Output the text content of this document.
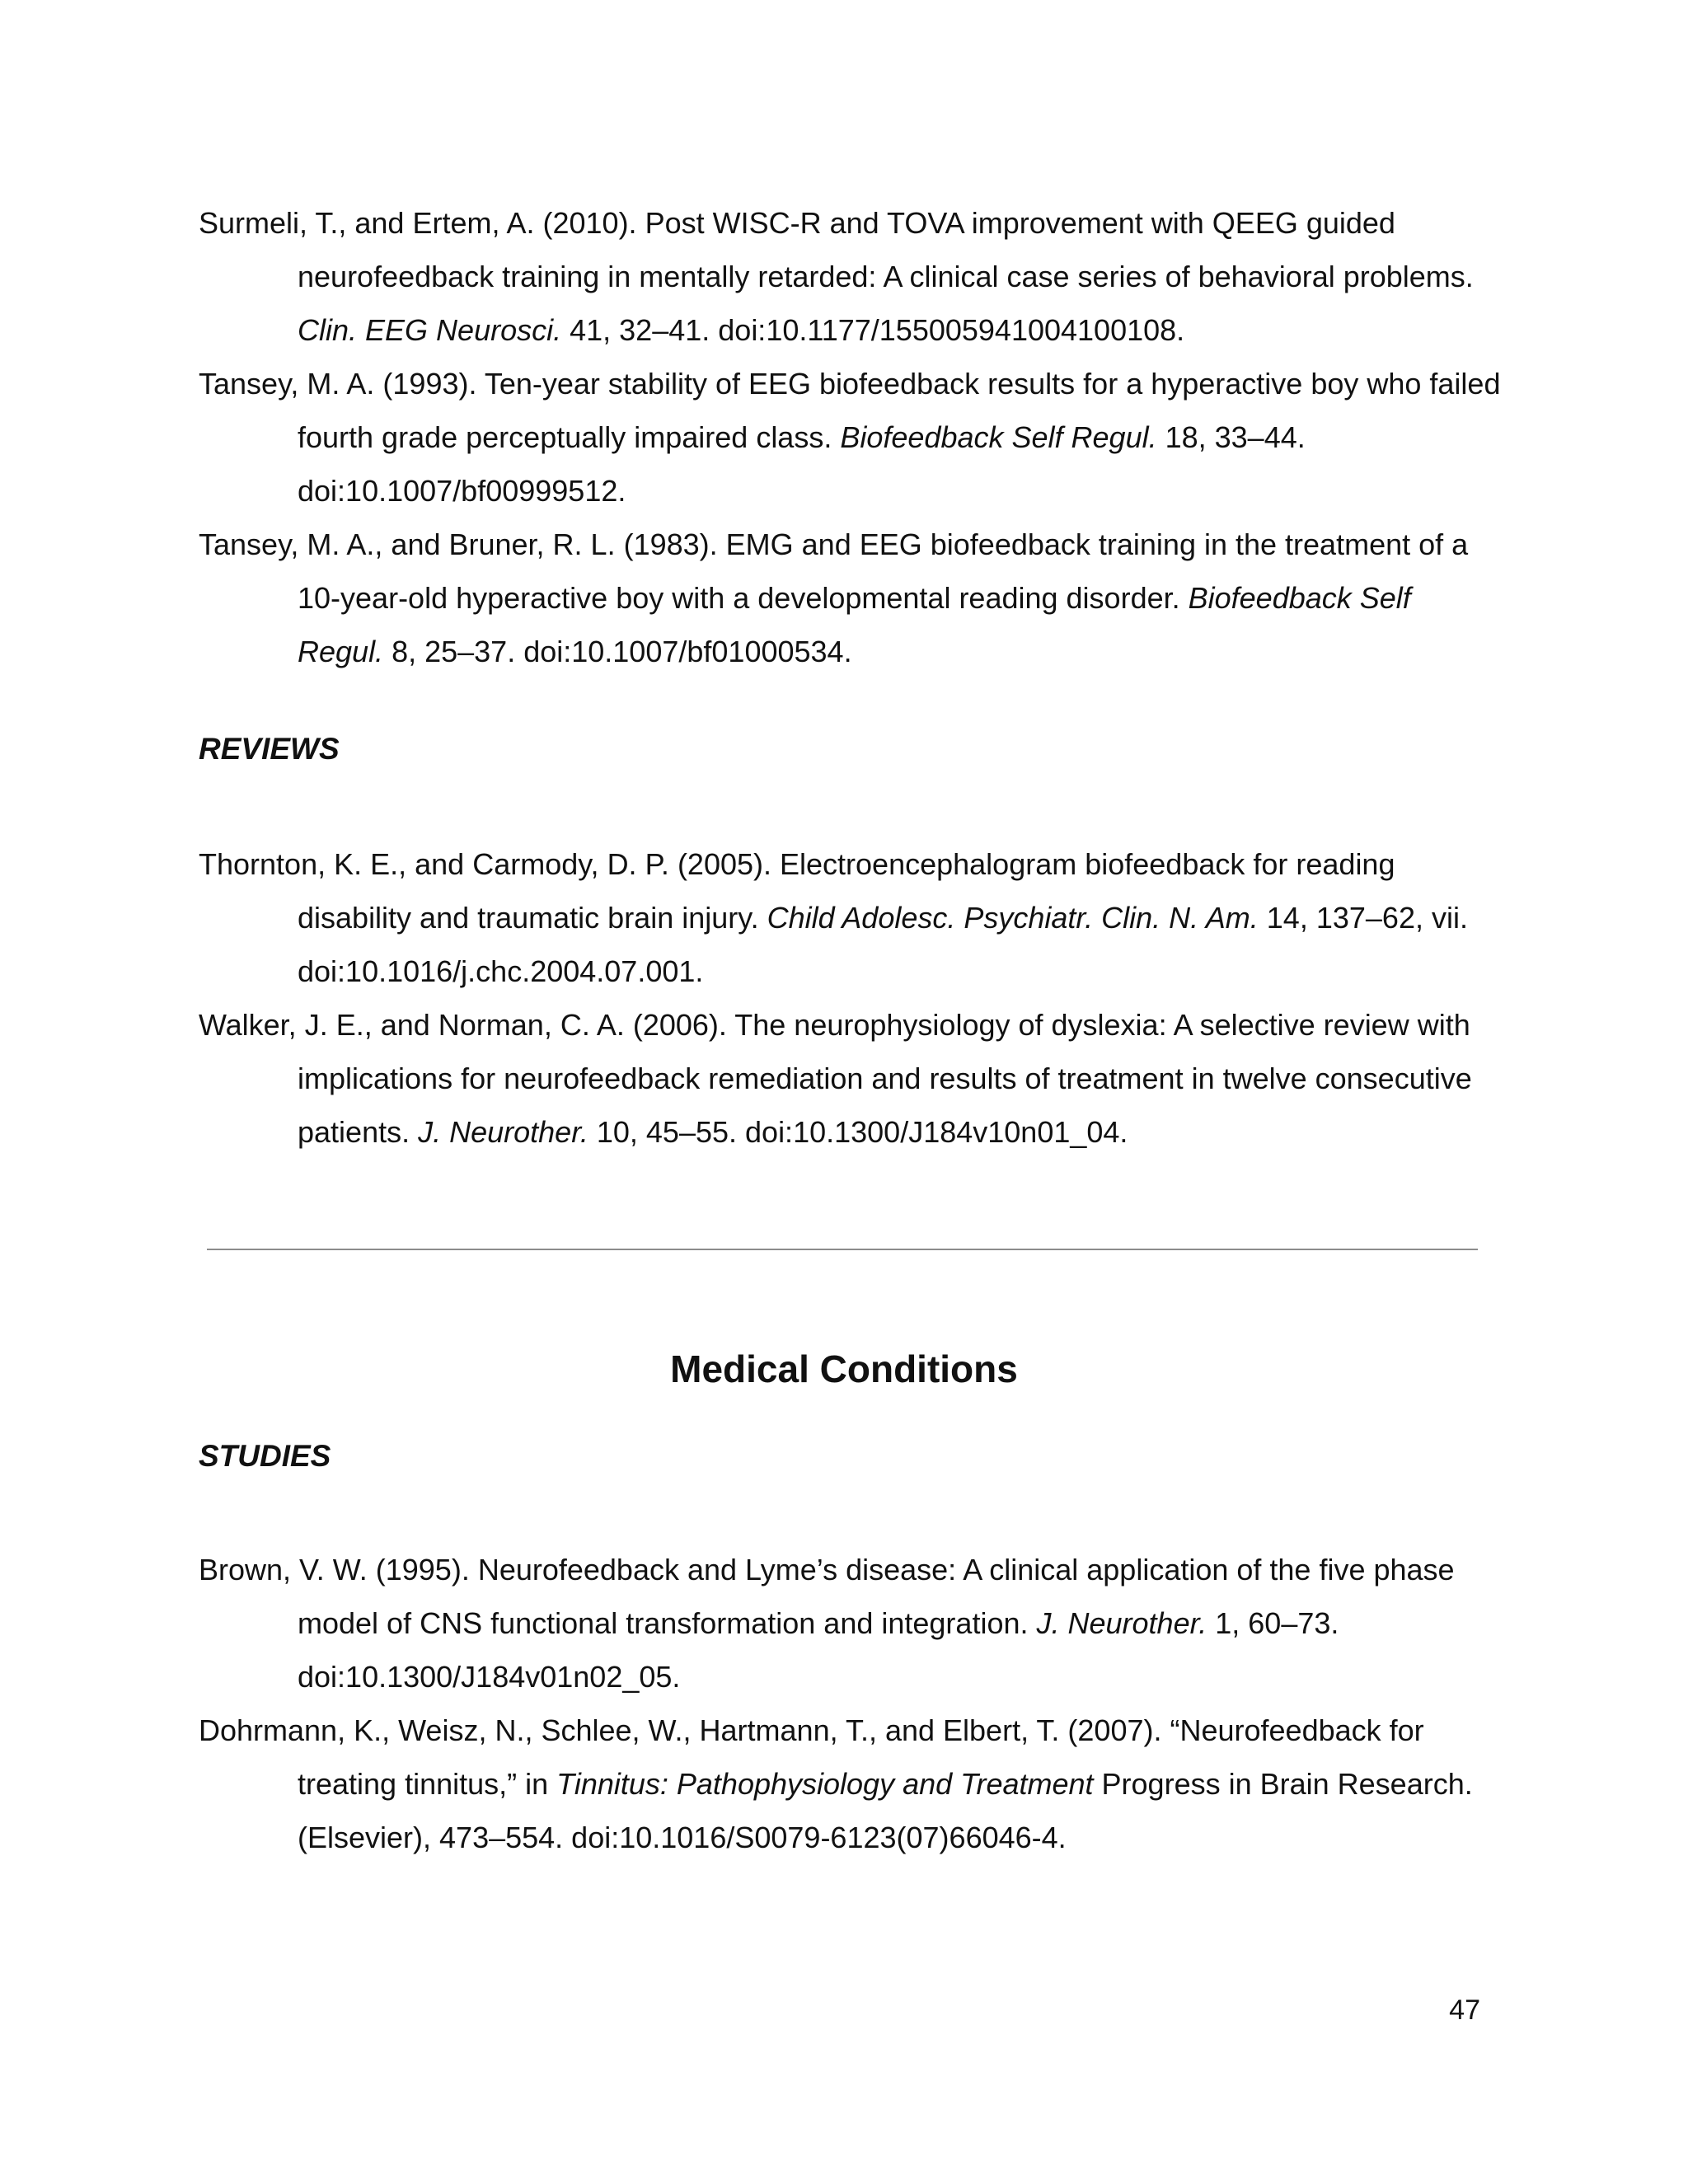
Surmeli, T., and Ertem, A. (2010). Post WISC-R and TOVA improvement with QEEG guided neurofeedback training in mentally retarded: A clinical case series of behavioral problems. Clin. EEG Neurosci. 41, 32–41. doi:10.1177/155005941004100108.

Tansey, M. A. (1993). Ten-year stability of EEG biofeedback results for a hyperactive boy who failed fourth grade perceptually impaired class. Biofeedback Self Regul. 18, 33–44. doi:10.1007/bf00999512.

Tansey, M. A., and Bruner, R. L. (1983). EMG and EEG biofeedback training in the treatment of a 10-year-old hyperactive boy with a developmental reading disorder. Biofeedback Self Regul. 8, 25–37. doi:10.1007/bf01000534.

REVIEWS

Thornton, K. E., and Carmody, D. P. (2005). Electroencephalogram biofeedback for reading disability and traumatic brain injury. Child Adolesc. Psychiatr. Clin. N. Am. 14, 137–62, vii. doi:10.1016/j.chc.2004.07.001.

Walker, J. E., and Norman, C. A. (2006). The neurophysiology of dyslexia: A selective review with implications for neurofeedback remediation and results of treatment in twelve consecutive patients. J. Neurother. 10, 45–55. doi:10.1300/J184v10n01_04.

Medical Conditions

STUDIES

Brown, V. W. (1995). Neurofeedback and Lyme’s disease: A clinical application of the five phase model of CNS functional transformation and integration. J. Neurother. 1, 60–73. doi:10.1300/J184v01n02_05.

Dohrmann, K., Weisz, N., Schlee, W., Hartmann, T., and Elbert, T. (2007). “Neurofeedback for treating tinnitus,” in Tinnitus: Pathophysiology and Treatment Progress in Brain Research. (Elsevier), 473–554. doi:10.1016/S0079-6123(07)66046-4.

47
